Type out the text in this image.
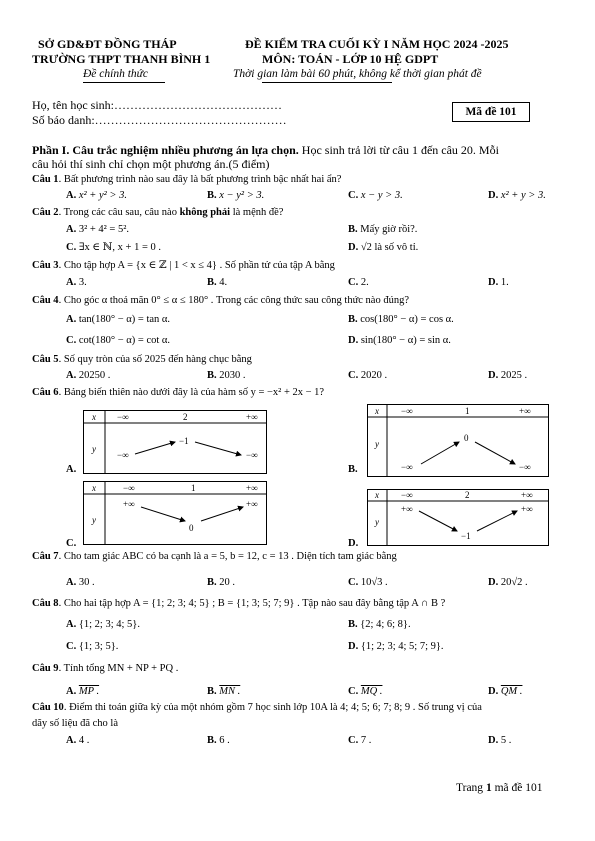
SỞ GD&ĐT ĐỒNG THÁP
TRƯỜNG THPT THANH BÌNH 1
Đề chính thức
ĐỀ KIỂM TRA CUỐI KỲ I NĂM HỌC 2024 -2025
MÔN: TOÁN - LỚP 10 HỆ GDPT
Thời gian làm bài 60 phút, không kể thời gian phát đề
Họ, tên học sinh:……………………………………
Số báo danh:…………………………………………
Mã đề 101
Phần I. Câu trắc nghiệm nhiều phương án lựa chọn. Học sinh trả lời từ câu 1 đến câu 20. Mỗi
câu hỏi thí sinh chỉ chọn một phương án.(5 điểm)
Câu 1. Bất phương trình nào sau đây là bất phương trình bậc nhất hai ẩn?
A. x² + y² > 3.	B. x − y² > 3.	C. x − y > 3.	D. x² + y > 3.
Câu 2. Trong các câu sau, câu nào không phải là mệnh đề?
A. 3² + 4² = 5².	B. Mấy giờ rồi?.
C. ∃x ∈ ℕ, x + 1 = 0 .	D. √2 là số vô tỉ.
Câu 3. Cho tập hợp A = {x ∈ ℤ | 1 < x ≤ 4} . Số phần tử của tập A bằng
A. 3.	B. 4.	C. 2.	D. 1.
Câu 4. Cho góc α thoả mãn 0° ≤ α ≤ 180° . Trong các công thức sau công thức nào đúng?
A. tan(180° − α) = tan α.	B. cos(180° − α) = cos α.
C. cot(180° − α) = cot α.	D. sin(180° − α) = sin α.
Câu 5. Số quy tròn của số 2025 đến hàng chục bằng
A. 20250 .	B. 2030 .	C. 2020 .	D. 2025 .
Câu 6. Bảng biến thiên nào dưới đây là của hàm số y = −x² + 2x − 1?
A.
x −∞	2	+∞
y
−∞
−1
−∞
B.
x −∞	1	+∞
y
−∞
0
−∞
C.
x	−∞	1	+∞
y
+∞
0
+∞
D.
x −∞	2	+∞
y
+∞
−1
+∞
Câu 7. Cho tam giác ABC có ba cạnh là a = 5, b = 12, c = 13 . Diện tích tam giác bằng
A. 30 .	B. 20 .	C. 10√3 .	D. 20√2 .
Câu 8. Cho hai tập hợp A = {1; 2; 3; 4; 5} ; B = {1; 3; 5; 7; 9} . Tập nào sau đây bằng tập A ∩ B ?
A. {1; 2; 3; 4; 5}.	B. {2; 4; 6; 8}.
C. {1; 3; 5}.	D. {1; 2; 3; 4; 5; 7; 9}.
Câu 9. Tính tổng MN + NP + PQ .
A. MP .	B. MN .	C. MQ .	D. QM .
Câu 10. Điểm thi toán giữa kỳ của một nhóm gồm 7 học sinh lớp 10A là 4; 4; 5; 6; 7; 8; 9 . Số trung vị của
dãy số liệu đã cho là
A. 4 .	B. 6 .	C. 7 .	D. 5 .
Trang 1 mã đề 101
